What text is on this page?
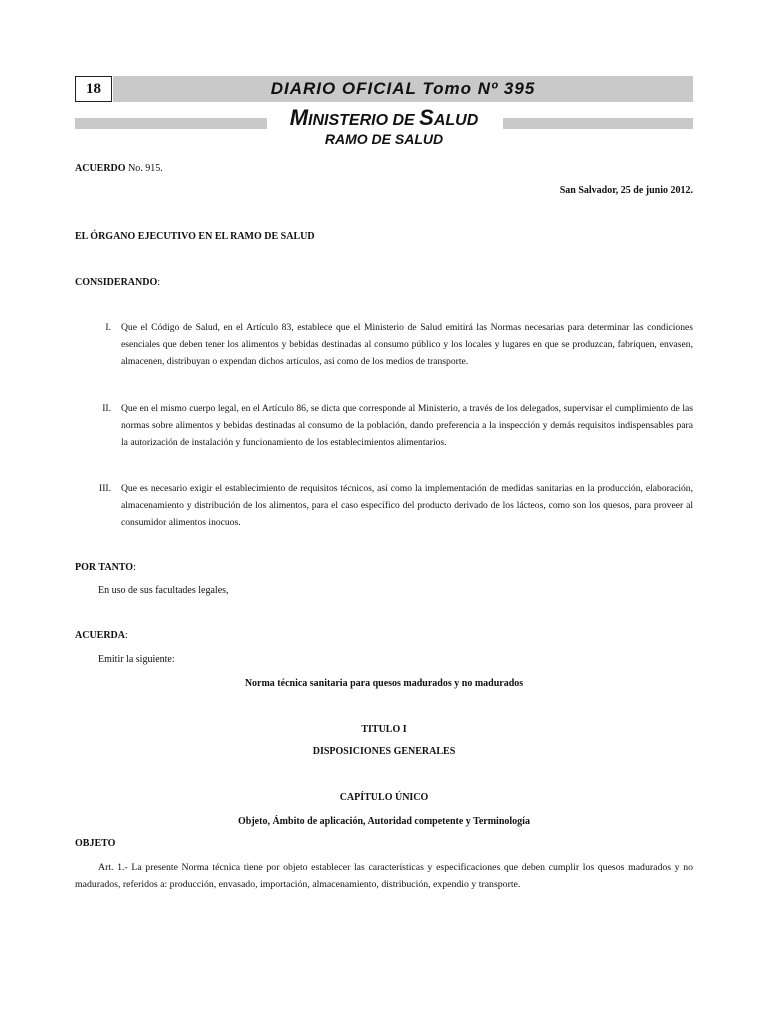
18	DIARIO OFICIAL Tomo Nº 395
MINISTERIO DE SALUD
RAMO DE SALUD
ACUERDO No. 915.
San Salvador, 25 de junio 2012.
EL ÓRGANO EJECUTIVO EN EL RAMO DE SALUD
CONSIDERANDO:
I. Que el Código de Salud, en el Artículo 83, establece que el Ministerio de Salud emitirá las Normas necesarias para determinar las condiciones esenciales que deben tener los alimentos y bebidas destinadas al consumo público y los locales y lugares en que se produzcan, fabriquen, envasen, almacenen, distribuyan o expendan dichos artículos, así como de los medios de transporte.
II. Que en el mismo cuerpo legal, en el Artículo 86, se dicta que corresponde al Ministerio, a través de los delegados, supervisar el cumplimiento de las normas sobre alimentos y bebidas destinadas al consumo de la población, dando preferencia a la inspección y demás requisitos indispensables para la autorización de instalación y funcionamiento de los establecimientos alimentarios.
III. Que es necesario exigir el establecimiento de requisitos técnicos, así como la implementación de medidas sanitarias en la producción, elaboración, almacenamiento y distribución de los alimentos, para el caso específico del producto derivado de los lácteos, como son los quesos, para proveer al consumidor alimentos inocuos.
POR TANTO:
En uso de sus facultades legales,
ACUERDA:
Emitir la siguiente:
Norma técnica sanitaria para quesos madurados y no madurados
TITULO I
DISPOSICIONES GENERALES
CAPÍTULO ÚNICO
Objeto, Ámbito de aplicación, Autoridad competente y Terminología
OBJETO
Art. 1.- La presente Norma técnica tiene por objeto establecer las características y especificaciones que deben cumplir los quesos madurados y no madurados, referidos a: producción, envasado, importación, almacenamiento, distribución, expendio y transporte.
